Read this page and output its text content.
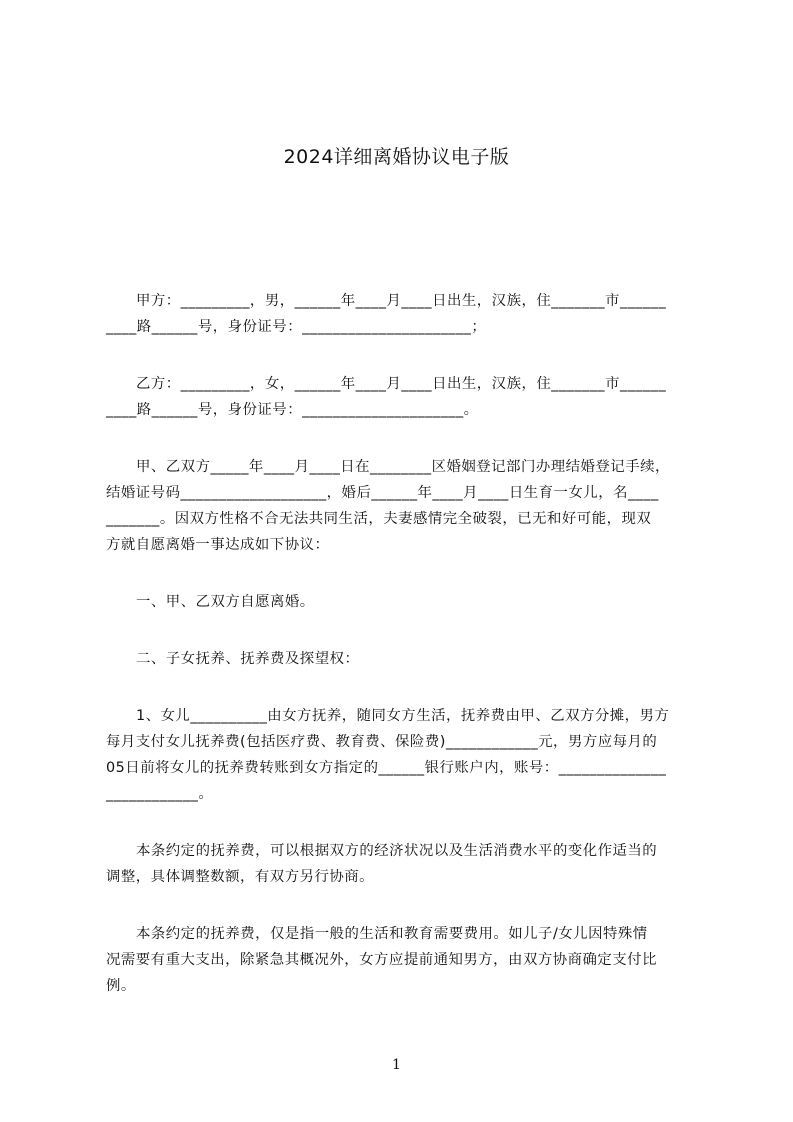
2024详细离婚协议电子版

甲方：_________，男，______年____月____日出生，汉族，住_______市______
____路______号，身份证号：______________________；

乙方：_________，女，______年____月____日出生，汉族，住_______市______
____路______号，身份证号：_____________________。

甲、乙双方_____年____月____日在________区婚姻登记部门办理结婚登记手续，
结婚证号码___________________，婚后______年____月____日生育一女儿，名____
_______。因双方性格不合无法共同生活，夫妻感情完全破裂，已无和好可能，现双
方就自愿离婚一事达成如下协议：

一、甲、乙双方自愿离婚。

二、子女抚养、抚养费及探望权：

1、女儿__________由女方抚养，随同女方生活，抚养费由甲、乙双方分摊，男方
每月支付女儿抚养费(包括医疗费、教育费、保险费)____________元，男方应每月的
05日前将女儿的抚养费转账到女方指定的______银行账户内，账号：______________
____________。

本条约定的抚养费，可以根据双方的经济状况以及生活消费水平的变化作适当的
调整，具体调整数额，有双方另行协商。

本条约定的抚养费，仅是指一般的生活和教育需要费用。如儿子/女儿因特殊情
况需要有重大支出，除紧急其概况外，女方应提前通知男方，由双方协商确定支付比
例。

1
